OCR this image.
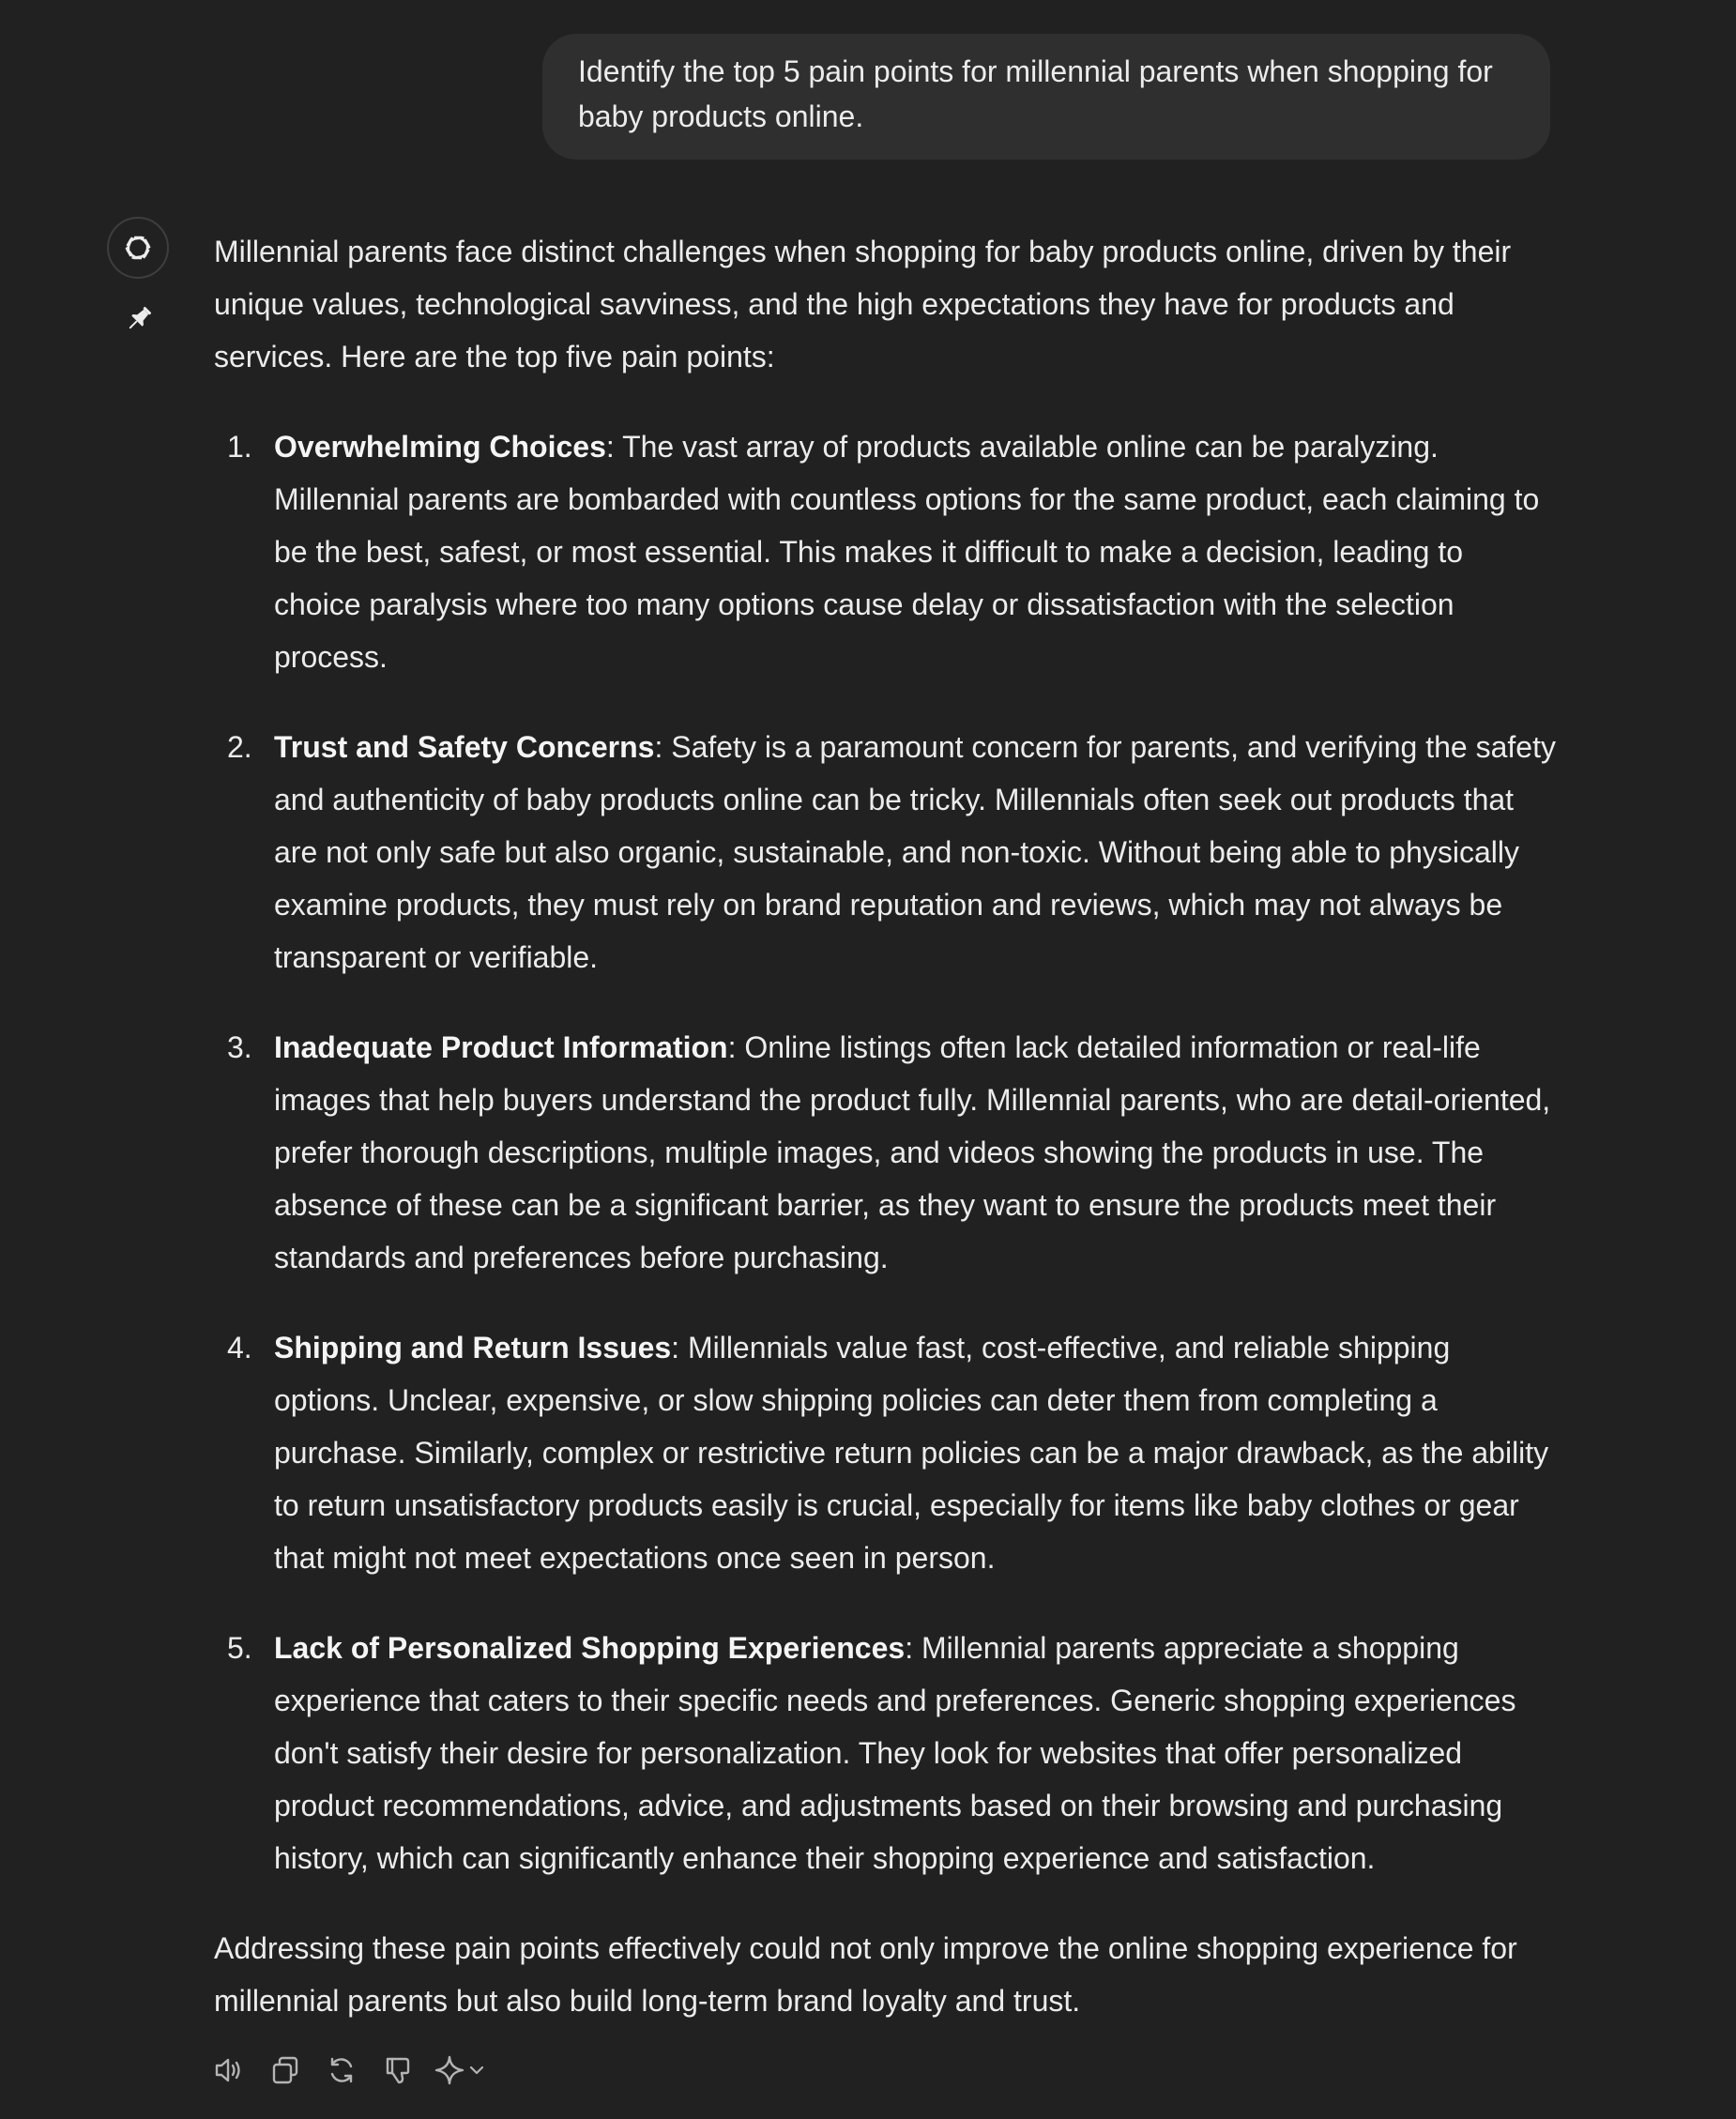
Identify the top 5 pain points for millennial parents when shopping for baby products online.

Millennial parents face distinct challenges when shopping for baby products online, driven by their unique values, technological savviness, and the high expectations they have for products and services. Here are the top five pain points:

1. Overwhelming Choices: The vast array of products available online can be paralyzing. Millennial parents are bombarded with countless options for the same product, each claiming to be the best, safest, or most essential. This makes it difficult to make a decision, leading to choice paralysis where too many options cause delay or dissatisfaction with the selection process.
2. Trust and Safety Concerns: Safety is a paramount concern for parents, and verifying the safety and authenticity of baby products online can be tricky. Millennials often seek out products that are not only safe but also organic, sustainable, and non-toxic. Without being able to physically examine products, they must rely on brand reputation and reviews, which may not always be transparent or verifiable.
3. Inadequate Product Information: Online listings often lack detailed information or real-life images that help buyers understand the product fully. Millennial parents, who are detail-oriented, prefer thorough descriptions, multiple images, and videos showing the products in use. The absence of these can be a significant barrier, as they want to ensure the products meet their standards and preferences before purchasing.
4. Shipping and Return Issues: Millennials value fast, cost-effective, and reliable shipping options. Unclear, expensive, or slow shipping policies can deter them from completing a purchase. Similarly, complex or restrictive return policies can be a major drawback, as the ability to return unsatisfactory products easily is crucial, especially for items like baby clothes or gear that might not meet expectations once seen in person.
5. Lack of Personalized Shopping Experiences: Millennial parents appreciate a shopping experience that caters to their specific needs and preferences. Generic shopping experiences don't satisfy their desire for personalization. They look for websites that offer personalized product recommendations, advice, and adjustments based on their browsing and purchasing history, which can significantly enhance their shopping experience and satisfaction.

Addressing these pain points effectively could not only improve the online shopping experience for millennial parents but also build long-term brand loyalty and trust.
